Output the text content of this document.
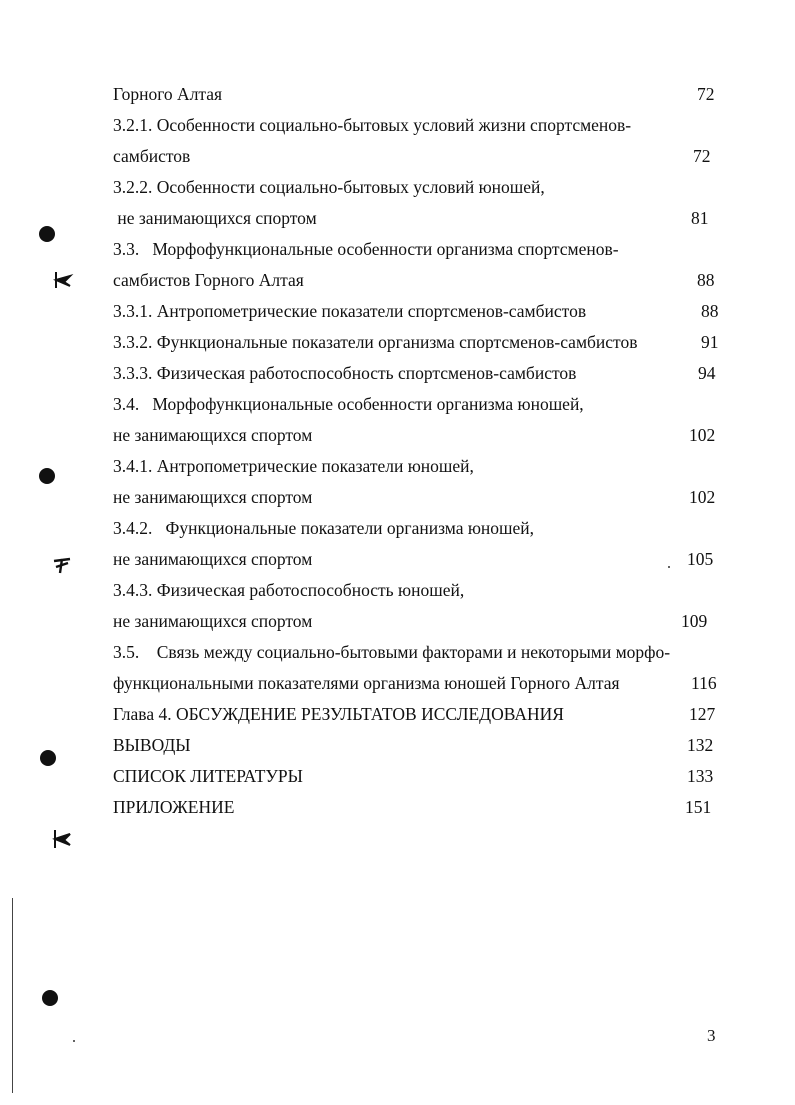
Горного Алтая	72
3.2.1. Особенности социально-бытовых условий жизни спортсменов-
самбистов	72
3.2.2. Особенности социально-бытовых условий юношей,
не занимающихся спортом	81
3.3.   Морфофункциональные особенности организма спортсменов-
самбистов Горного Алтая	88
3.3.1. Антропометрические показатели спортсменов-самбистов	88
3.3.2. Функциональные показатели организма спортсменов-самбистов	91
3.3.3. Физическая работоспособность спортсменов-самбистов	94
3.4.   Морфофункциональные особенности организма юношей,
не занимающихся спортом	102
3.4.1. Антропометрические показатели юношей,
не занимающихся спортом	102
3.4.2.   Функциональные показатели организма юношей,
не занимающихся спортом	105
3.4.3. Физическая работоспособность юношей,
не занимающихся спортом	109
3.5.    Связь между социально-бытовыми факторами и некоторыми морфо-
функциональными показателями организма юношей Горного Алтая	116
Глава 4. ОБСУЖДЕНИЕ РЕЗУЛЬТАТОВ ИССЛЕДОВАНИЯ	127
ВЫВОДЫ	132
СПИСОК ЛИТЕРАТУРЫ	133
ПРИЛОЖЕНИЕ	151
3
